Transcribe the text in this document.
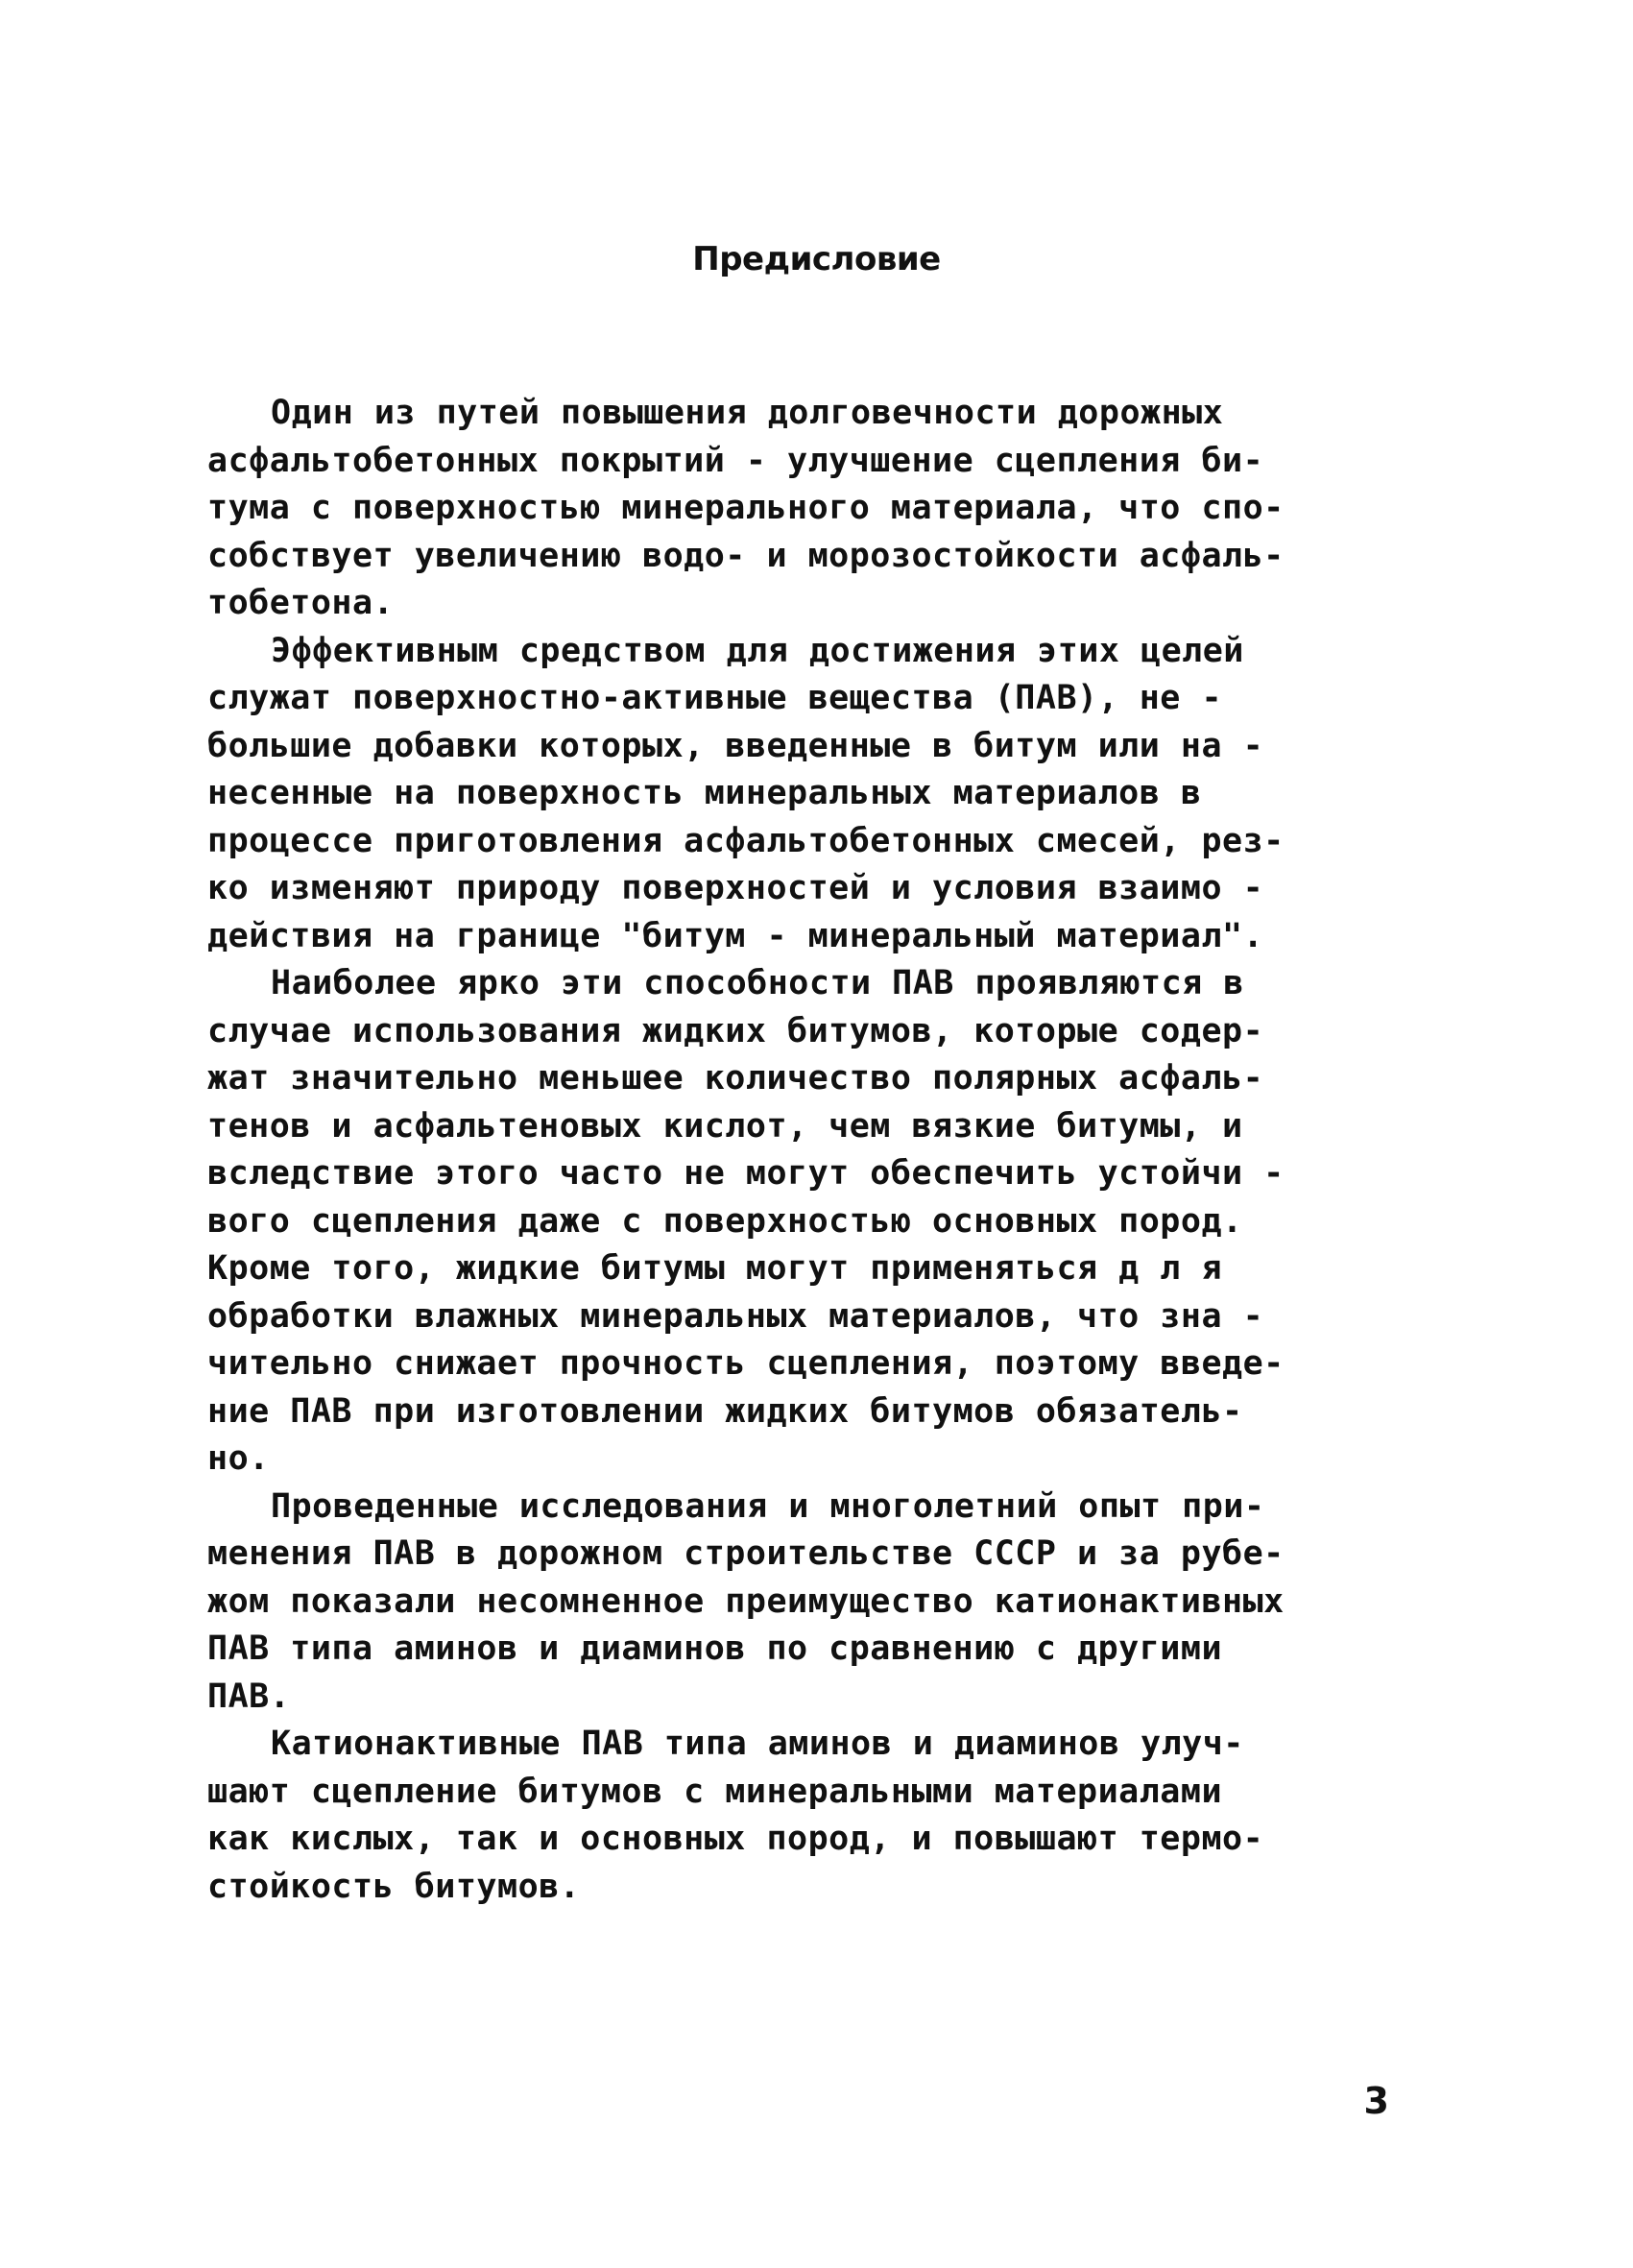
Предисловие
Один из путей повышения долговечности дорожных
асфальтобетонных покрытий - улучшение сцепления би-
тума с поверхностью минерального материала, что спо-
собствует увеличению водо- и морозостойкости асфаль-
тобетона.
Эффективным средством для достижения этих целей
служат поверхностно-активные вещества (ПАВ), не -
большие добавки которых, введенные в битум или на -
несенные на поверхность минеральных материалов в
процессе приготовления асфальтобетонных смесей, рез-
ко изменяют природу поверхностей и условия взаимо -
действия на границе "битум - минеральный материал".
Наиболее ярко эти способности ПАВ проявляются в
случае использования жидких битумов, которые содер-
жат значительно меньшее количество полярных асфаль-
тенов и асфальтеновых кислот, чем вязкие битумы, и
вследствие этого часто не могут обеспечить устойчи -
вого сцепления даже с поверхностью основных пород.
Кроме того, жидкие битумы могут применяться д л я
обработки влажных минеральных материалов, что зна -
чительно снижает прочность сцепления, поэтому введе-
ние ПАВ при изготовлении жидких битумов обязатель-
но.
Проведенные исследования и многолетний опыт при-
менения ПАВ в дорожном строительстве СССР и за рубе-
жом показали несомненное преимущество катионактивных
ПАВ типа аминов и диаминов по сравнению с другими
ПАВ.
Катионактивные ПАВ типа аминов и диаминов улуч-
шают сцепление битумов с минеральными материалами
как кислых, так и основных пород, и повышают термо-
стойкость битумов.
3
